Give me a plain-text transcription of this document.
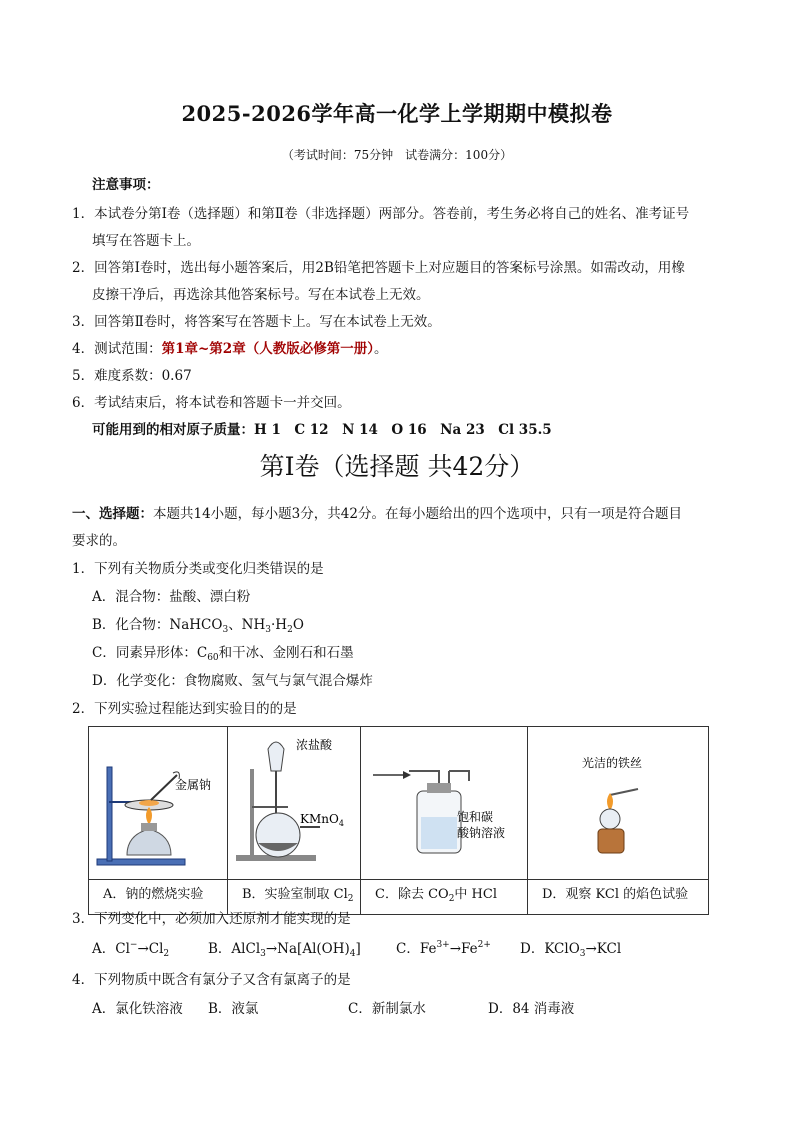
2025-2026学年高一化学上学期期中模拟卷
（考试时间：75分钟　试卷满分：100分）
注意事项：
1．本试卷分第Ⅰ卷（选择题）和第Ⅱ卷（非选择题）两部分。答卷前，考生务必将自己的姓名、准考证号
填写在答题卡上。
2．回答第Ⅰ卷时，选出每小题答案后，用2B铅笔把答题卡上对应题目的答案标号涂黑。如需改动，用橡
皮擦干净后，再选涂其他答案标号。写在本试卷上无效。
3．回答第Ⅱ卷时，将答案写在答题卡上。写在本试卷上无效。
4．测试范围：第1章~第2章（人教版必修第一册）。
5．难度系数：0.67
6．考试结束后，将本试卷和答题卡一并交回。
可能用到的相对原子质量：H 1　C 12　N 14　O 16　Na 23　Cl 35.5
第Ⅰ卷（选择题 共42分）
一、选择题：本题共14小题，每小题3分，共42分。在每小题给出的四个选项中，只有一项是符合题目
要求的。
1．下列有关物质分类或变化归类错误的是
A．混合物：盐酸、漂白粉
B．化合物：NaHCO$_3$、$NH_3\cdot H_2O$
C．同素异形体：$C_{60}$和干冰、金刚石和石墨
D．化学变化：食物腐败、氢气与氯气混合爆炸
2．下列实验过程能达到实验目的的是
金属钠	浓盐酸
KMnO$_4$	饱和碳
酸钠溶液	光洁的铁丝

A．钠的燃烧实验	B．实验室制取 $Cl_2$	C．除去 $CO_2$中 HCl	D．观察 KCl 的焰色试验
3．下列变化中，必须加入还原剂才能实现的是
A．$Cl^-\to Cl_2$	B．$AlCl_3\to Na[Al(OH)_4]$	C．$Fe^{3+}\to Fe^{2+}$ D．KClO$_3$→KCl
4．下列物质中既含有氯分子又含有氯离子的是
A．氯化铁溶液 B．液氯	C．新制氯水	D．84 消毒液
